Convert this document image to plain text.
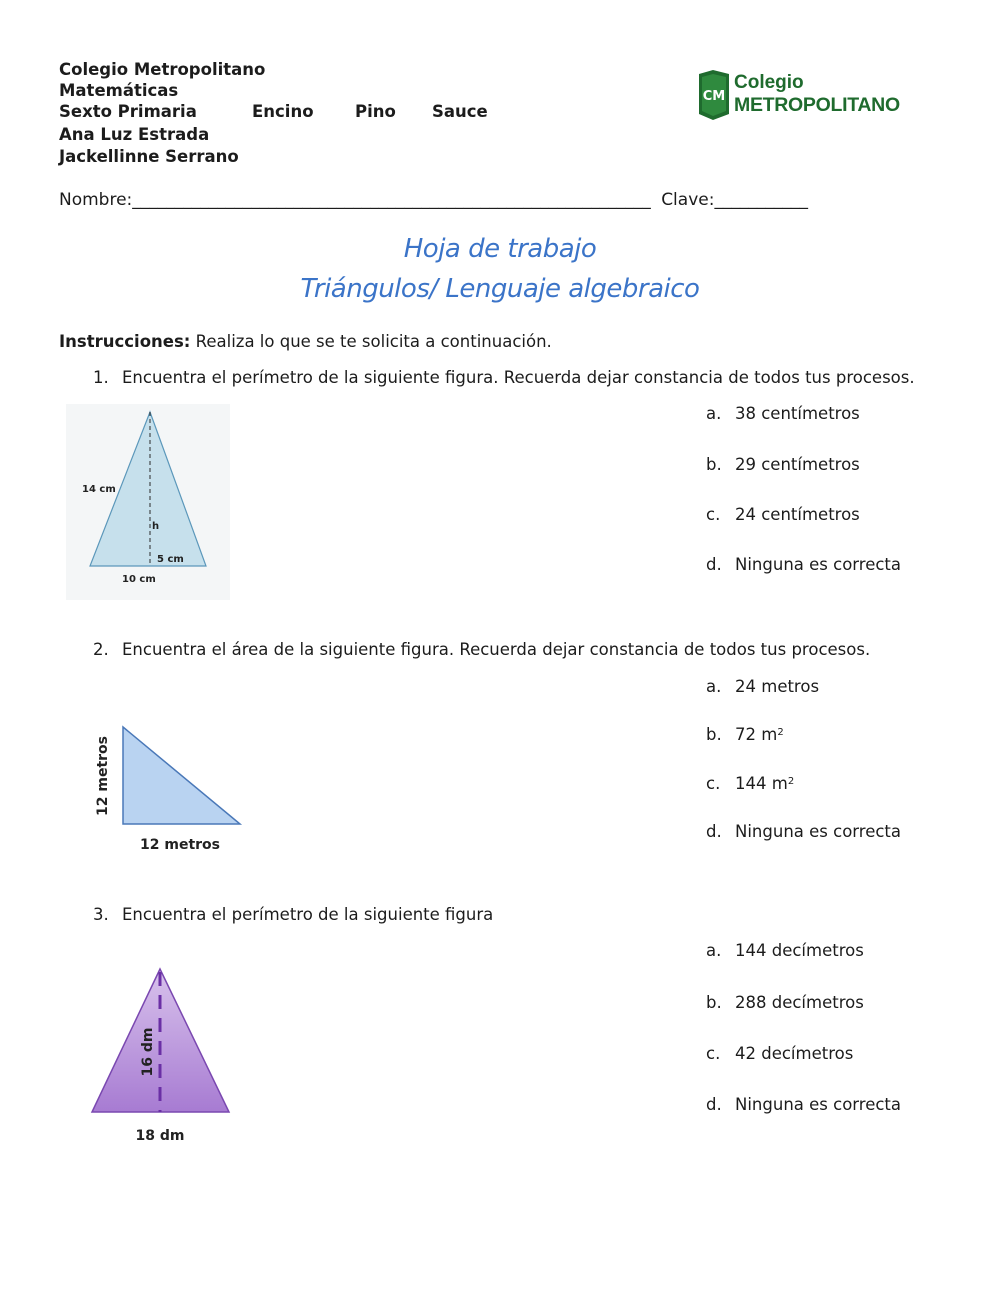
Colegio Metropolitano
Matemáticas
Sexto Primaria	Encino	Pino Sauce
Ana Luz Estrada
Jackellinne Serrano
CM
Colegio
METROPOLITANO
Nombre:_____________________________________________________________ Clave:___________
Hoja de trabajo
Triángulos/ Lenguaje algebraico
Instrucciones: Realiza lo que se te solicita a continuación.
1. Encuentra el perímetro de la siguiente figura. Recuerda dejar constancia de todos tus procesos.
14 cm
h
5 cm
10 cm
a. 38 centímetros
b. 29 centímetros
c. 24 centímetros
d. Ninguna es correcta
2. Encuentra el área de la siguiente figura. Recuerda dejar constancia de todos tus procesos.
12 metros
12 metros
a. 24 metros
b. 72 $m^2$
c. 144 $m^2$
d. Ninguna es correcta
3. Encuentra el perímetro de la siguiente figura
16 dm
18 dm
a. 144 decímetros
b. 288 decímetros
c. 42 decímetros
d. Ninguna es correcta
